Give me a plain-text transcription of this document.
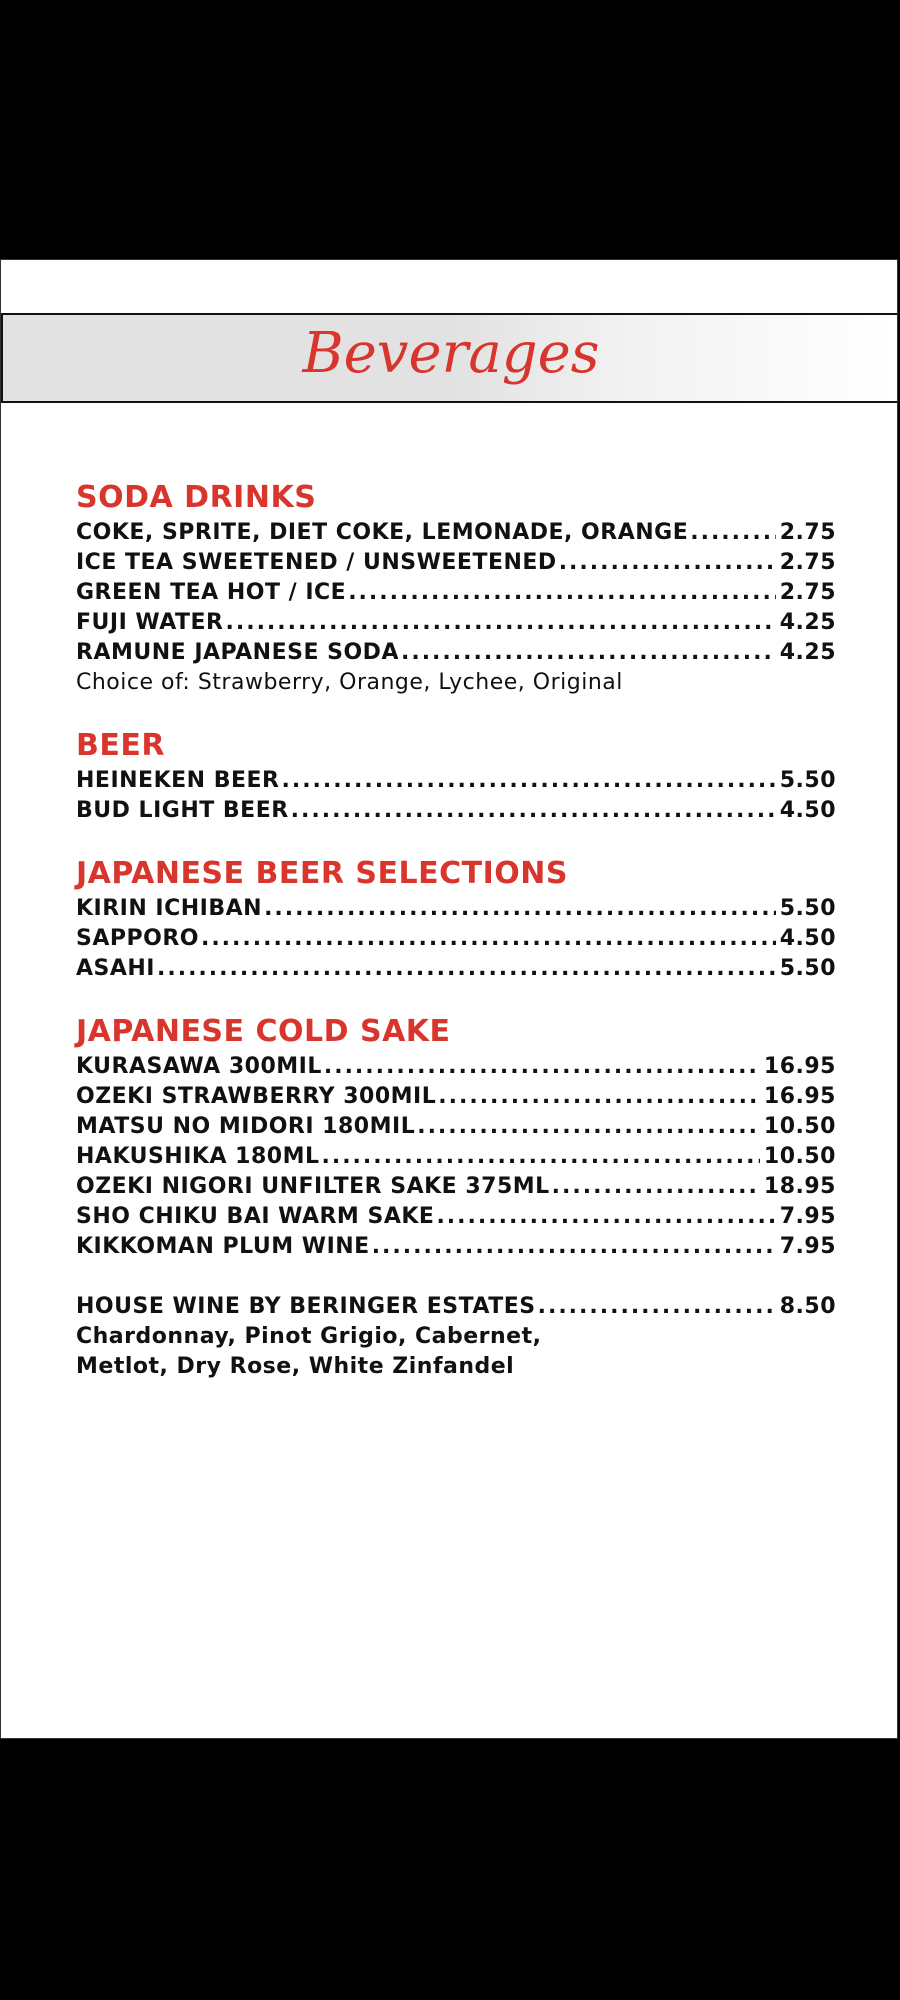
Beverages
SODA DRINKS
COKE, SPRITE, DIET COKE, LEMONADE, ORANGE .....	2.75
ICE TEA SWEETENED / UNSWEETENED .....	2.75
GREEN TEA HOT / ICE .....	2.75
FUJI WATER .....	4.25
RAMUNE JAPANESE SODA .....	4.25
Choice of: Strawberry, Orange, Lychee, Original
BEER
HEINEKEN BEER .....	5.50
BUD LIGHT BEER .....	4.50
JAPANESE BEER SELECTIONS
KIRIN ICHIBAN .....	5.50
SAPPORO .....	4.50
ASAHI .....	5.50
JAPANESE COLD SAKE
KURASAWA 300MIL .....	16.95
OZEKI STRAWBERRY 300MIL .....	16.95
MATSU NO MIDORI 180MIL .....	10.50
HAKUSHIKA 180ML .....	10.50
OZEKI NIGORI UNFILTER SAKE 375ML .....	18.95
SHO CHIKU BAI WARM SAKE .....	7.95
KIKKOMAN PLUM WINE .....	7.95
HOUSE WINE BY BERINGER ESTATES .....	8.50
Chardonnay, Pinot Grigio, Cabernet,
Metlot, Dry Rose, White Zinfandel
